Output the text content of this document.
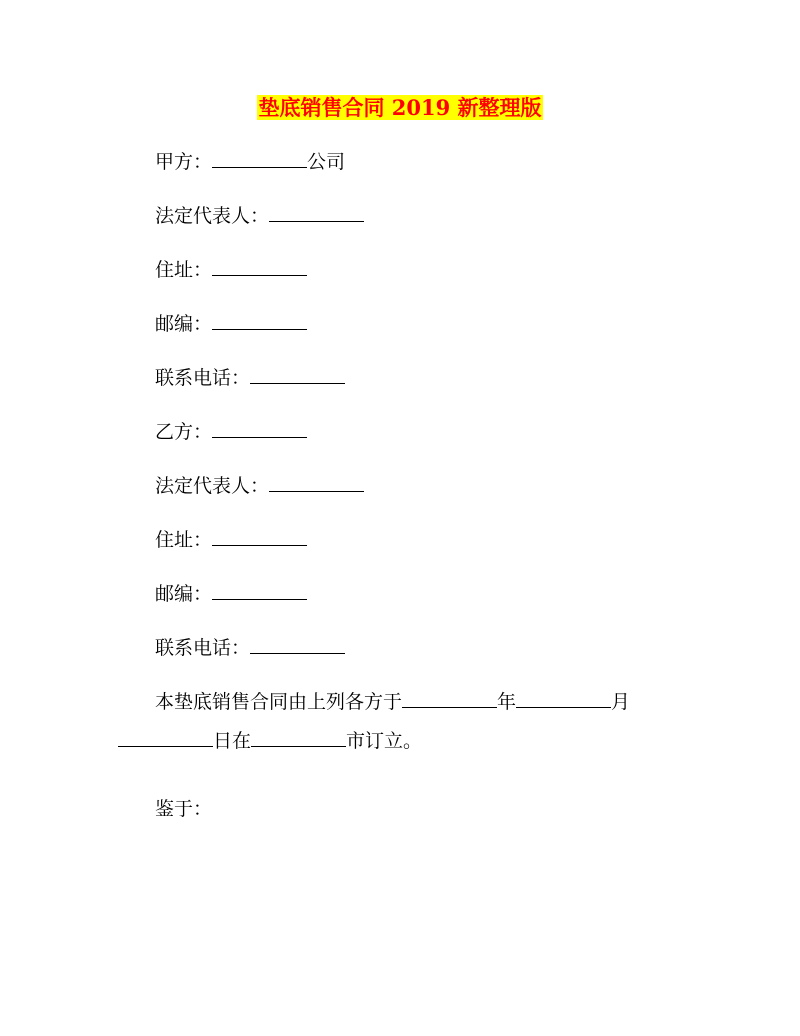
垫底销售合同 2019 新整理版
甲方：	公司
法定代表人：
住址：
邮编：
联系电话：
乙方：
法定代表人：
住址：
邮编：
联系电话：
本垫底销售合同由上列各方于	年	月
日在	市订立。
鉴于：
